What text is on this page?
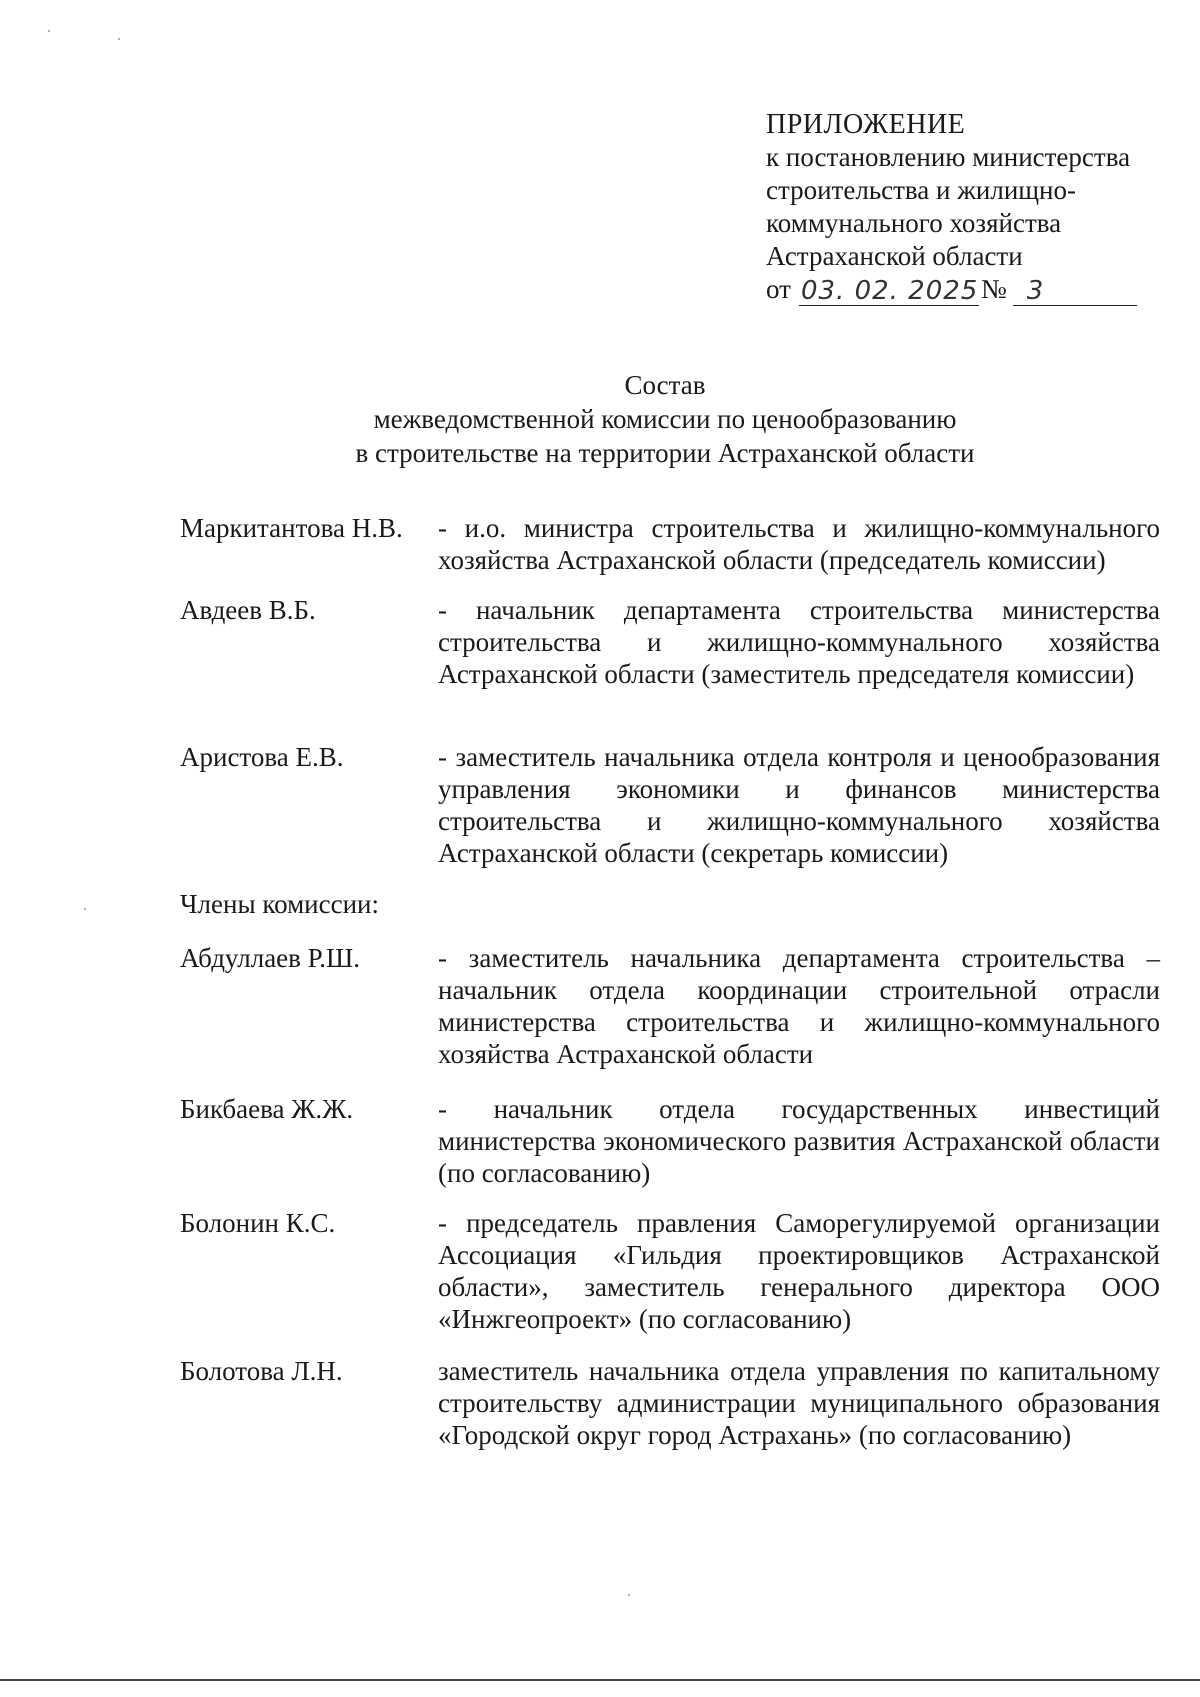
ПРИЛОЖЕНИЕ
к постановлению министерства
строительства и жилищно-
коммунального хозяйства
Астраханской области
от 03. 02. 2025 № 3
Состав
межведомственной комиссии по ценообразованию
в строительстве на территории Астраханской области
Маркитантова Н.В.	- и.о. министра строительства и жилищно-коммунального хозяйства Астраханской области (председатель комиссии)
Авдеев В.Б.	- начальник департамента строительства министерства строительства и жилищно-коммунального хозяйства Астраханской области (заместитель председателя комиссии)
Аристова Е.В.	- заместитель начальника отдела контроля и ценообразования управления экономики и финансов министерства строительства и жилищно-коммунального хозяйства Астраханской области (секретарь комиссии)
Члены комиссии:
Абдуллаев Р.Ш.	- заместитель начальника департамента строительства – начальник отдела координации строительной отрасли министерства строительства и жилищно-коммунального хозяйства Астраханской области
Бикбаева Ж.Ж.	- начальник отдела государственных инвестиций министерства экономического развития Астраханской области (по согласованию)
Болонин К.С.	- председатель правления Саморегулируемой организации Ассоциация «Гильдия проектировщиков Астраханской области», заместитель генерального директора ООО «Инжгеопроект» (по согласованию)
Болотова Л.Н.	заместитель начальника отдела управления по капитальному строительству администрации муниципального образования «Городской округ город Астрахань» (по согласованию)
